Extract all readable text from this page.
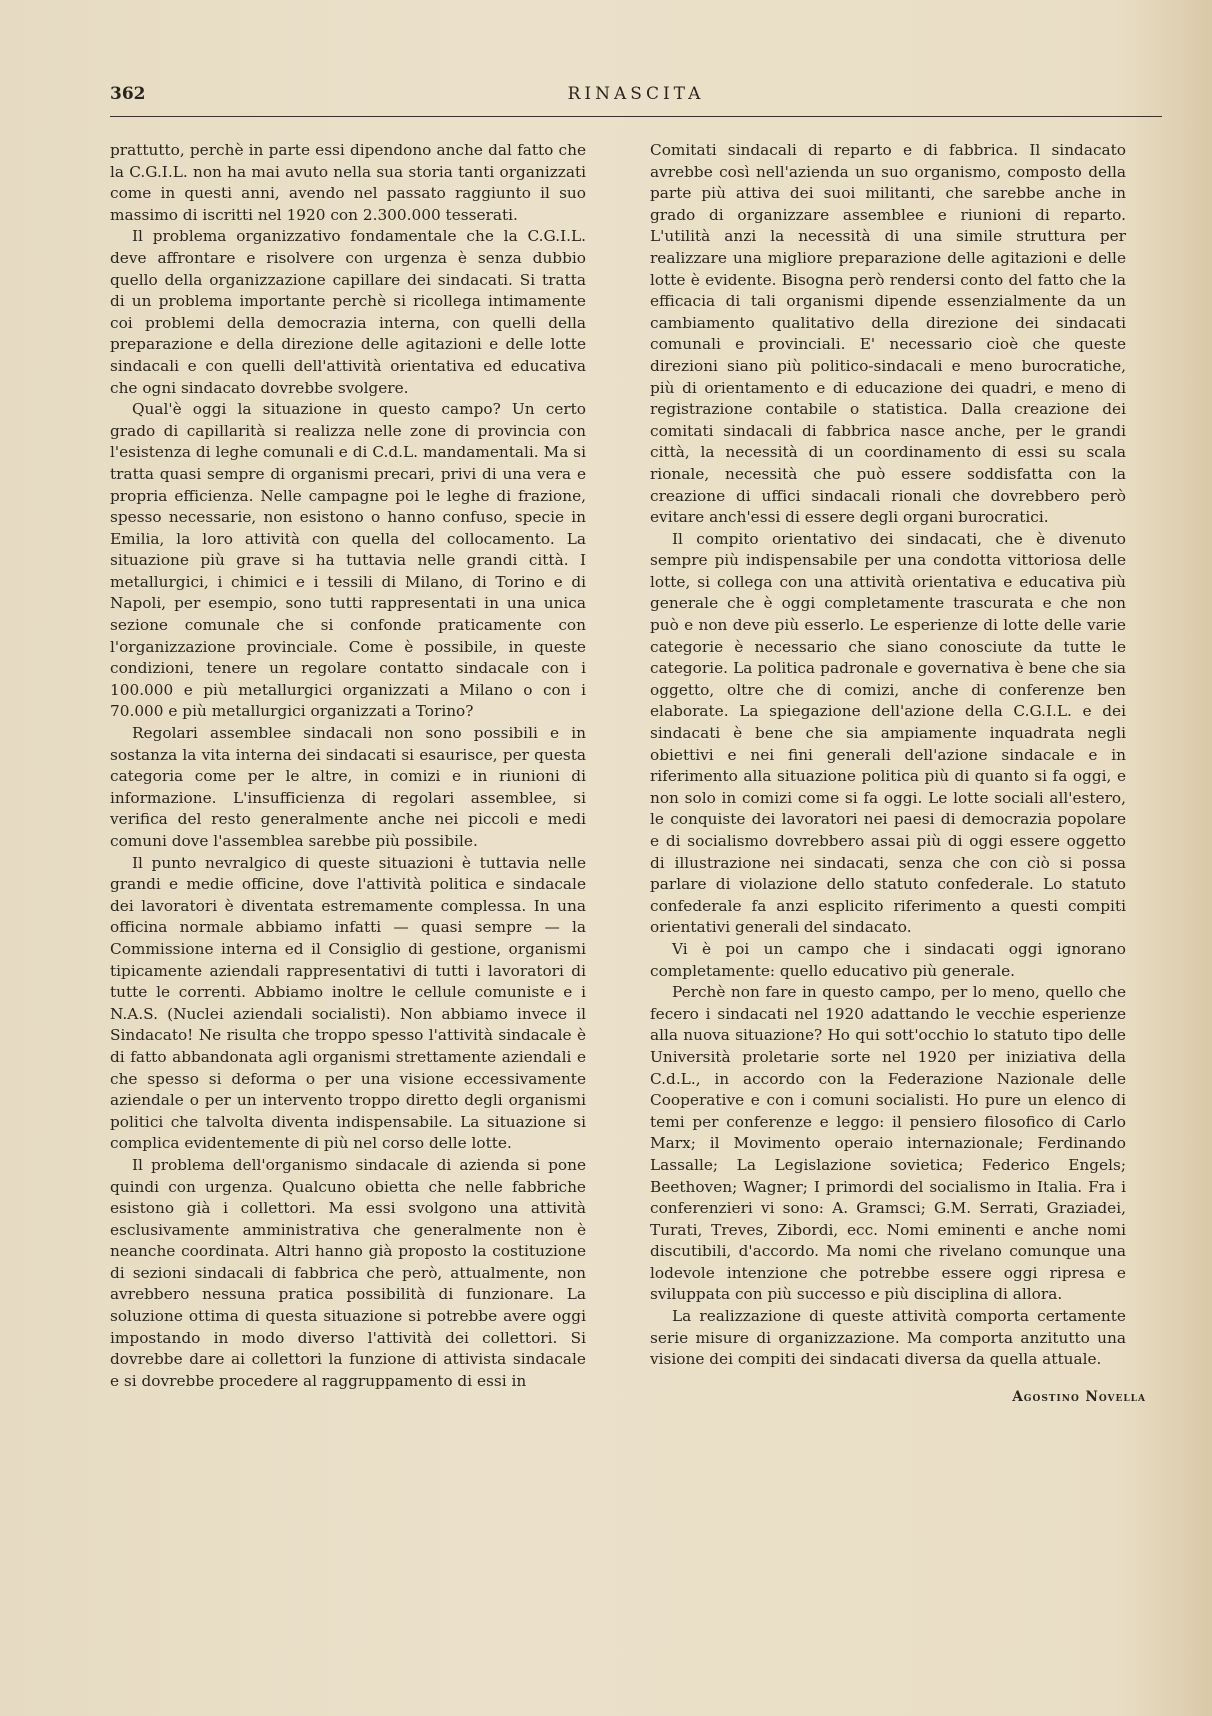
362	RINASCITA

prattutto, perchè in parte essi dipendono anche dal fatto che la C.G.I.L. non ha mai avuto nella sua storia tanti organizzati come in questi anni, avendo nel passato raggiunto il suo massimo di iscritti nel 1920 con 2.300.000 tesserati.

Il problema organizzativo fondamentale che la C.G.I.L. deve affrontare e risolvere con urgenza è senza dubbio quello della organizzazione capillare dei sindacati. Si tratta di un problema importante perchè si ricollega intimamente coi problemi della democrazia interna, con quelli della preparazione e della direzione delle agitazioni e delle lotte sindacali e con quelli dell'attività orientativa ed educativa che ogni sindacato dovrebbe svolgere.

Qual'è oggi la situazione in questo campo? Un certo grado di capillarità si realizza nelle zone di provincia con l'esistenza di leghe comunali e di C.d.L. mandamentali. Ma si tratta quasi sempre di organismi precari, privi di una vera e propria efficienza. Nelle campagne poi le leghe di frazione, spesso necessarie, non esistono o hanno confuso, specie in Emilia, la loro attività con quella del collocamento. La situazione più grave si ha tuttavia nelle grandi città. I metallurgici, i chimici e i tessili di Milano, di Torino e di Napoli, per esempio, sono tutti rappresentati in una unica sezione comunale che si confonde praticamente con l'organizzazione provinciale. Come è possibile, in queste condizioni, tenere un regolare contatto sindacale con i 100.000 e più metallurgici organizzati a Milano o con i 70.000 e più metallurgici organizzati a Torino?

Regolari assemblee sindacali non sono possibili e in sostanza la vita interna dei sindacati si esaurisce, per questa categoria come per le altre, in comizi e in riunioni di informazione. L'insufficienza di regolari assemblee, si verifica del resto generalmente anche nei piccoli e medi comuni dove l'assemblea sarebbe più possibile.

Il punto nevralgico di queste situazioni è tuttavia nelle grandi e medie officine, dove l'attività politica e sindacale dei lavoratori è diventata estremamente complessa. In una officina normale abbiamo infatti — quasi sempre — la Commissione interna ed il Consiglio di gestione, organismi tipicamente aziendali rappresentativi di tutti i lavoratori di tutte le correnti. Abbiamo inoltre le cellule comuniste e i N.A.S. (Nuclei aziendali socialisti). Non abbiamo invece il Sindacato! Ne risulta che troppo spesso l'attività sindacale è di fatto abbandonata agli organismi strettamente aziendali e che spesso si deforma o per una visione eccessivamente aziendale o per un intervento troppo diretto degli organismi politici che talvolta diventa indispensabile. La situazione si complica evidentemente di più nel corso delle lotte.

Il problema dell'organismo sindacale di azienda si pone quindi con urgenza. Qualcuno obietta che nelle fabbriche esistono già i collettori. Ma essi svolgono una attività esclusivamente amministrativa che generalmente non è neanche coordinata. Altri hanno già proposto la costituzione di sezioni sindacali di fabbrica che però, attualmente, non avrebbero nessuna pratica possibilità di funzionare. La soluzione ottima di questa situazione si potrebbe avere oggi impostando in modo diverso l'attività dei collettori. Si dovrebbe dare ai collettori la funzione di attivista sindacale e si dovrebbe procedere al raggruppamento di essi in

Comitati sindacali di reparto e di fabbrica. Il sindacato avrebbe così nell'azienda un suo organismo, composto della parte più attiva dei suoi militanti, che sarebbe anche in grado di organizzare assemblee e riunioni di reparto. L'utilità anzi la necessità di una simile struttura per realizzare una migliore preparazione delle agitazioni e delle lotte è evidente. Bisogna però rendersi conto del fatto che la efficacia di tali organismi dipende essenzialmente da un cambiamento qualitativo della direzione dei sindacati comunali e provinciali. E' necessario cioè che queste direzioni siano più politico-sindacali e meno burocratiche, più di orientamento e di educazione dei quadri, e meno di registrazione contabile o statistica. Dalla creazione dei comitati sindacali di fabbrica nasce anche, per le grandi città, la necessità di un coordinamento di essi su scala rionale, necessità che può essere soddisfatta con la creazione di uffici sindacali rionali che dovrebbero però evitare anch'essi di essere degli organi burocratici.

Il compito orientativo dei sindacati, che è divenuto sempre più indispensabile per una condotta vittoriosa delle lotte, si collega con una attività orientativa e educativa più generale che è oggi completamente trascurata e che non può e non deve più esserlo. Le esperienze di lotte delle varie categorie è necessario che siano conosciute da tutte le categorie. La politica padronale e governativa è bene che sia oggetto, oltre che di comizi, anche di conferenze ben elaborate. La spiegazione dell'azione della C.G.I.L. e dei sindacati è bene che sia ampiamente inquadrata negli obiettivi e nei fini generali dell'azione sindacale e in riferimento alla situazione politica più di quanto si fa oggi, e non solo in comizi come si fa oggi. Le lotte sociali all'estero, le conquiste dei lavoratori nei paesi di democrazia popolare e di socialismo dovrebbero assai più di oggi essere oggetto di illustrazione nei sindacati, senza che con ciò si possa parlare di violazione dello statuto confederale. Lo statuto confederale fa anzi esplicito riferimento a questi compiti orientativi generali del sindacato.

Vi è poi un campo che i sindacati oggi ignorano completamente: quello educativo più generale.

Perchè non fare in questo campo, per lo meno, quello che fecero i sindacati nel 1920 adattando le vecchie esperienze alla nuova situazione? Ho qui sott'occhio lo statuto tipo delle Università proletarie sorte nel 1920 per iniziativa della C.d.L., in accordo con la Federazione Nazionale delle Cooperative e con i comuni socialisti. Ho pure un elenco di temi per conferenze e leggo: il pensiero filosofico di Carlo Marx; il Movimento operaio internazionale; Ferdinando Lassalle; La Legislazione sovietica; Federico Engels; Beethoven; Wagner; I primordi del socialismo in Italia. Fra i conferenzieri vi sono: A. Gramsci; G.M. Serrati, Graziadei, Turati, Treves, Zibordi, ecc. Nomi eminenti e anche nomi discutibili, d'accordo. Ma nomi che rivelano comunque una lodevole intenzione che potrebbe essere oggi ripresa e sviluppata con più successo e più disciplina di allora.

La realizzazione di queste attività comporta certamente serie misure di organizzazione. Ma comporta anzitutto una visione dei compiti dei sindacati diversa da quella attuale.

Agostino Novella
